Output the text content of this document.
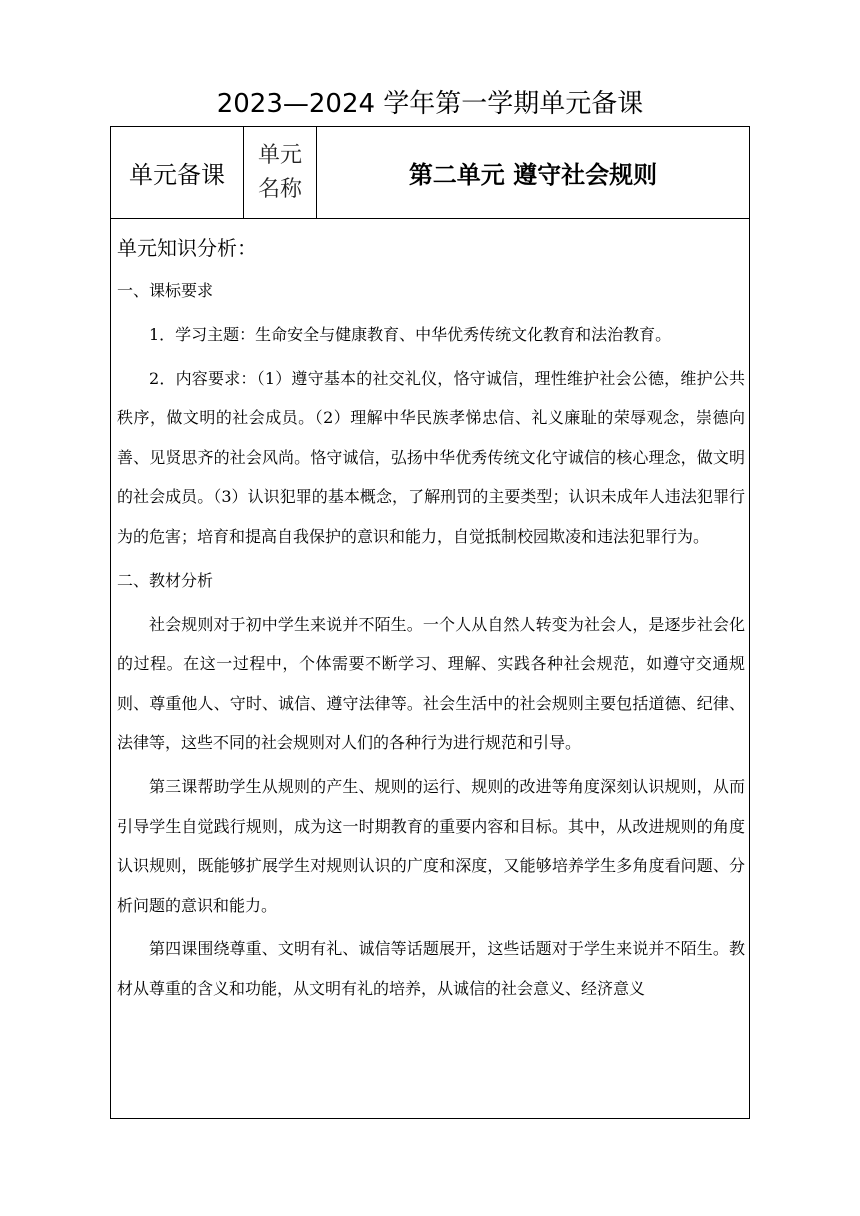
2023—2024 学年第一学期单元备课
单元备课
单元
名称	第二单元 遵守社会规则
单元知识分析：
一、课标要求

1．学习主题：生命安全与健康教育、中华优秀传统文化教育和法治教育。

2．内容要求：（1）遵守基本的社交礼仪，恪守诚信，理性维护社会公德，维护公共秩序，做文明的社会成员。（2）理解中华民族孝悌忠信、礼义廉耻的荣辱观念，崇德向善、见贤思齐的社会风尚。恪守诚信，弘扬中华优秀传统文化守诚信的核心理念，做文明的社会成员。（3）认识犯罪的基本概念，了解刑罚的主要类型；认识未成年人违法犯罪行为的危害；培育和提高自我保护的意识和能力，自觉抵制校园欺凌和违法犯罪行为。

二、教材分析

社会规则对于初中学生来说并不陌生。一个人从自然人转变为社会人，是逐步社会化的过程。在这一过程中，个体需要不断学习、理解、实践各种社会规范，如遵守交通规则、尊重他人、守时、诚信、遵守法律等。社会生活中的社会规则主要包括道德、纪律、法律等，这些不同的社会规则对人们的各种行为进行规范和引导。

第三课帮助学生从规则的产生、规则的运行、规则的改进等角度深刻认识规则，从而引导学生自觉践行规则，成为这一时期教育的重要内容和目标。其中，从改进规则的角度认识规则，既能够扩展学生对规则认识的广度和深度，又能够培养学生多角度看问题、分析问题的意识和能力。

第四课围绕尊重、文明有礼、诚信等话题展开，这些话题对于学生来说并不陌生。教材从尊重的含义和功能，从文明有礼的培养，从诚信的社会意义、经济意义
